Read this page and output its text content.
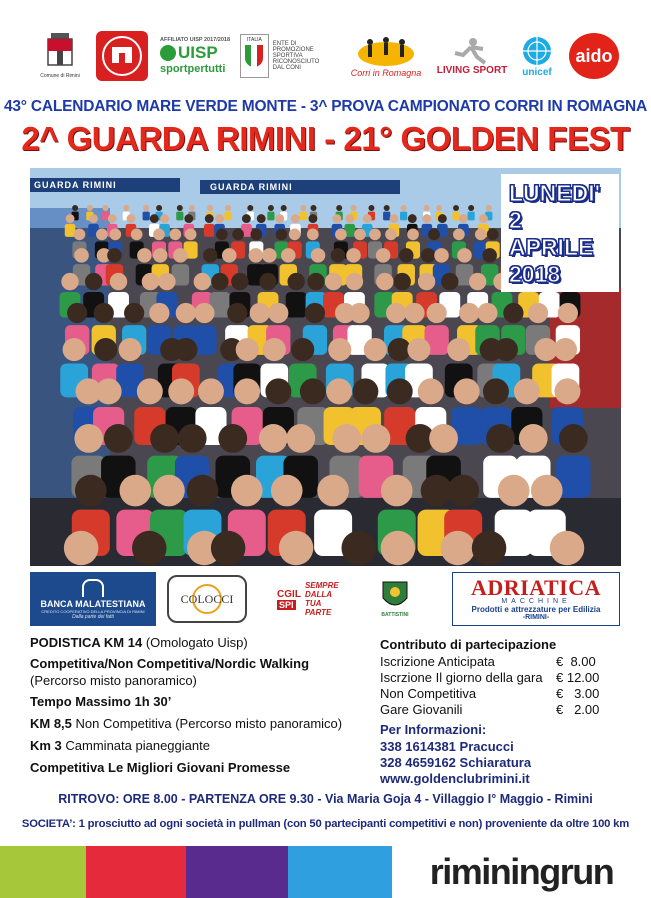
Comune di Rimini
AFFILIATO UISP 2017/2018
UISP
sportpertutti
ITALIA
ENTE DI PROMOZIONE
SPORTIVA
RICONOSCIUTO
DAL CONI	Corri in Romagna LIVING SPORT unicef
aido
43° CALENDARIO MARE VERDE MONTE - 3^ PROVA CAMPIONATO CORRI IN ROMAGNA
2^ GUARDA RIMINI - 21° GOLDEN FEST
GUARDA RIMINI	GUARDA RIMINI	LUNEDI'
2
APRILE
2018
BANCA MALATESTIANA
CREDITO COOPERATIVO DELLA PROVINCIA DI RIMINI
Dalla parte dei fatti
COLOCCI	CGIL
SPI
SEMPRE DALLA TUA PARTE	BATTISTINI
ADRIATICA
MACCHINE
Prodotti e attrezzature per Edilizia
-RIMINI-
PODISTICA KM 14 (Omologato Uisp)
Competitiva/Non Competitiva/Nordic Walking
(Percorso misto panoramico)
Tempo Massimo 1h 30’
KM 8,5 Non Competitiva (Percorso misto panoramico)
Km 3 Camminata pianeggiante
Competitiva Le Migliori Giovani Promesse
Contributo di partecipazione
Iscrizione Anticipata	€  8.00
Iscrzione Il giorno della gara € 12.00
Non Competitiva	€   3.00
Gare Giovanili	€   2.00
Per Informazioni:
338 1614381 Pracucci
328 4659162 Schiaratura
www.goldenclubrimini.it
RITROVO: ORE 8.00 - PARTENZA ORE 9.30 - Via Maria Goja 4 - Villaggio I° Maggio - Rimini
SOCIETA’: 1 prosciutto ad ogni società in pullman (con 50 partecipanti competitivi e non) proveniente da oltre 100 km
riminingrun
